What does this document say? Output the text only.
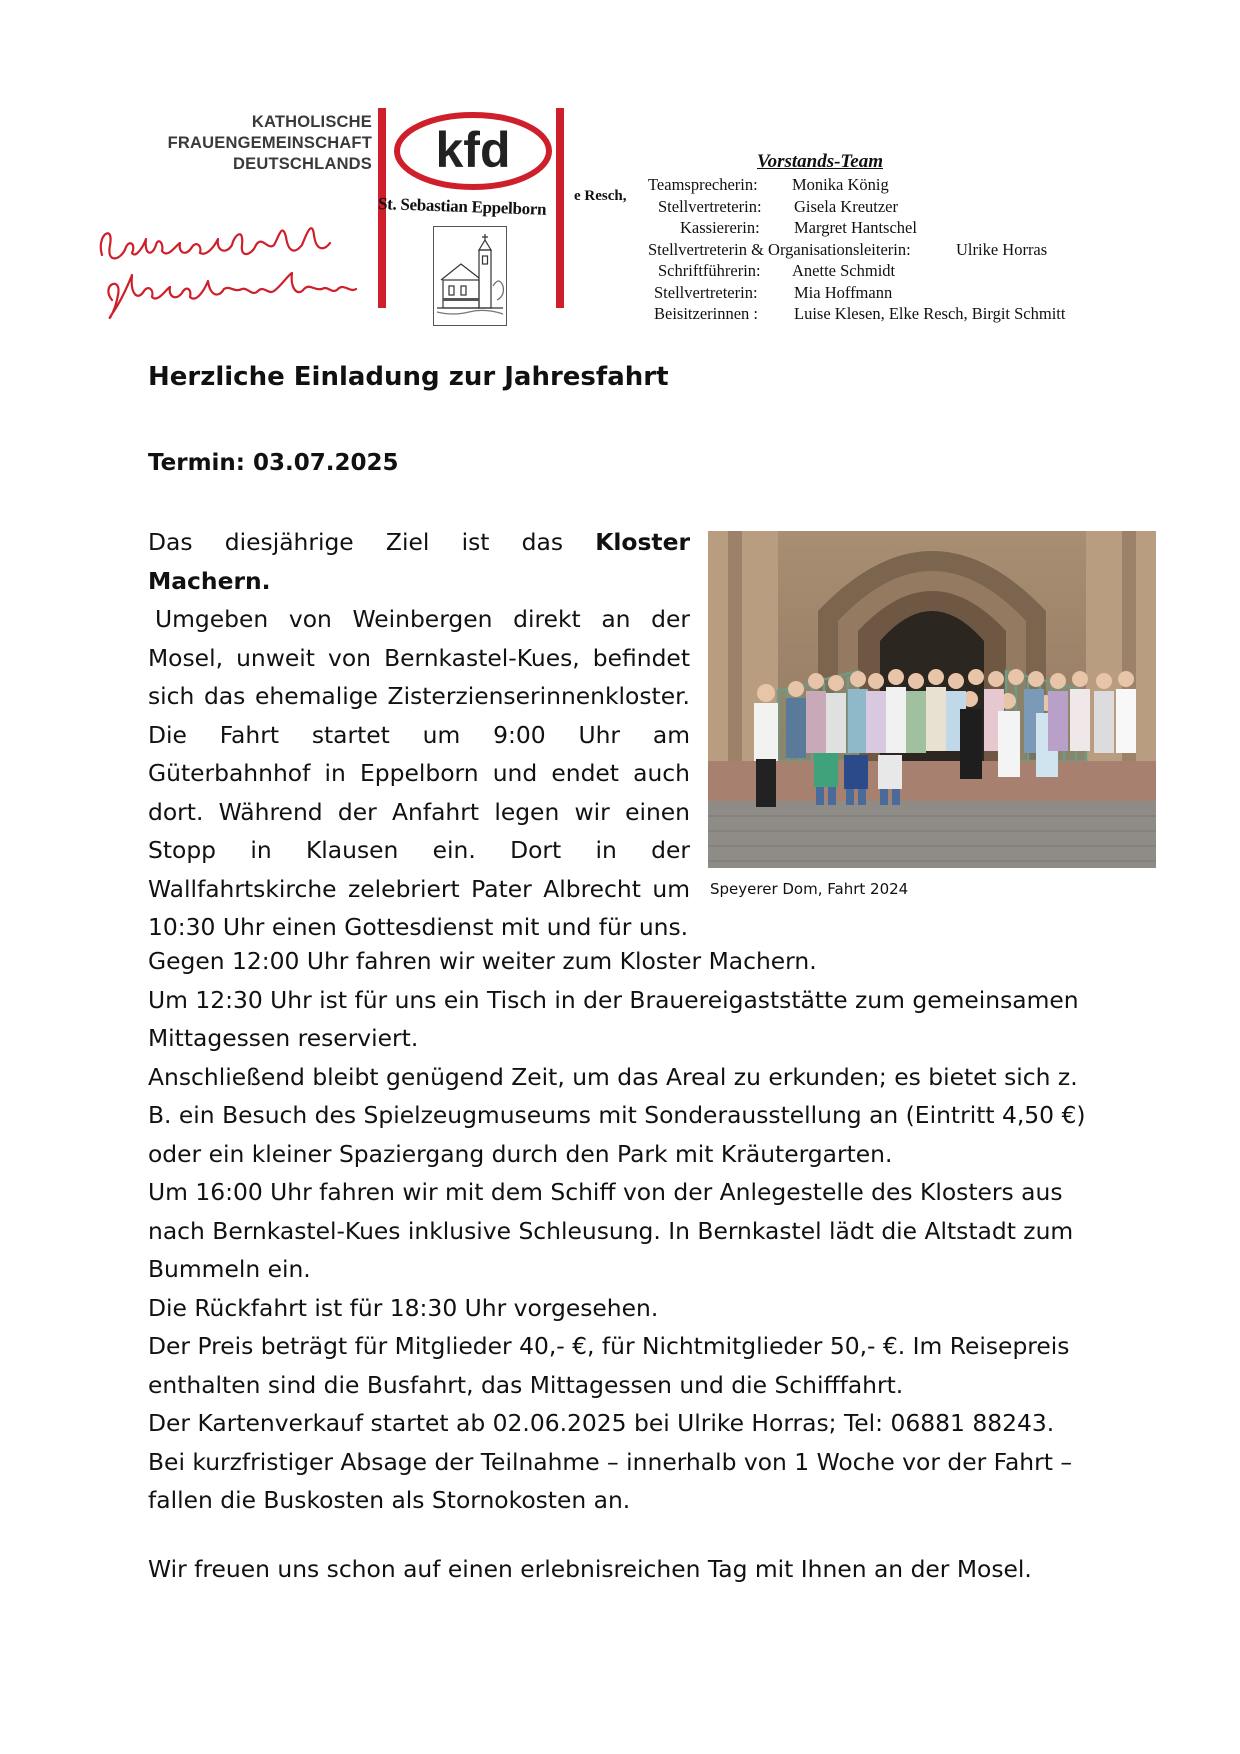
KATHOLISCHE
FRAUENGEMEINSCHAFT
DEUTSCHLANDS kfd
St. Sebastian Eppelborn e Resch,
Vorstands-Team
Teamsprecherin: Monika König
Stellvertreterin: Gisela Kreutzer
Kassiererin: Margret Hantschel
Stellvertreterin & Organisationsleiterin:	Ulrike Horras
Schriftführerin: Anette Schmidt
Stellvertreterin: Mia Hoffmann
Beisitzerinnen : Luise Klesen, Elke Resch, Birgit Schmitt
Herzliche Einladung zur Jahresfahrt
Termin: 03.07.2025
Das diesjährige Ziel ist das Kloster Machern.
Umgeben von Weinbergen direkt an der Mosel, unweit von Bernkastel-Kues, befindet sich das ehemalige Zisterzienserinnenkloster. Die Fahrt startet um 9:00 Uhr am Güterbahnhof in Eppelborn und endet auch dort. Während der Anfahrt legen wir einen Stopp in Klausen ein. Dort in der Wallfahrtskirche zelebriert Pater Albrecht um 10:30 Uhr einen Gottesdienst mit und für uns.
Speyerer Dom, Fahrt 2024

Gegen 12:00 Uhr fahren wir weiter zum Kloster Machern.

Um 12:30 Uhr ist für uns ein Tisch in der Brauereigaststätte zum gemeinsamen Mittagessen reserviert.

Anschließend bleibt genügend Zeit, um das Areal zu erkunden; es bietet sich z. B. ein Besuch des Spielzeugmuseums mit Sonderausstellung an (Eintritt 4,50 €) oder ein kleiner Spaziergang durch den Park mit Kräutergarten.

Um 16:00 Uhr fahren wir mit dem Schiff von der Anlegestelle des Klosters aus nach Bernkastel-Kues inklusive Schleusung. In Bernkastel lädt die Altstadt zum Bummeln ein.

Die Rückfahrt ist für 18:30 Uhr vorgesehen.

Der Preis beträgt für Mitglieder 40,- €, für Nichtmitglieder 50,- €. Im Reisepreis enthalten sind die Busfahrt, das Mittagessen und die Schifffahrt.

Der Kartenverkauf startet ab 02.06.2025 bei Ulrike Horras; Tel: 06881 88243.

Bei kurzfristiger Absage der Teilnahme – innerhalb von 1 Woche vor der Fahrt – fallen die Buskosten als Stornokosten an.

Wir freuen uns schon auf einen erlebnisreichen Tag mit Ihnen an der Mosel.
